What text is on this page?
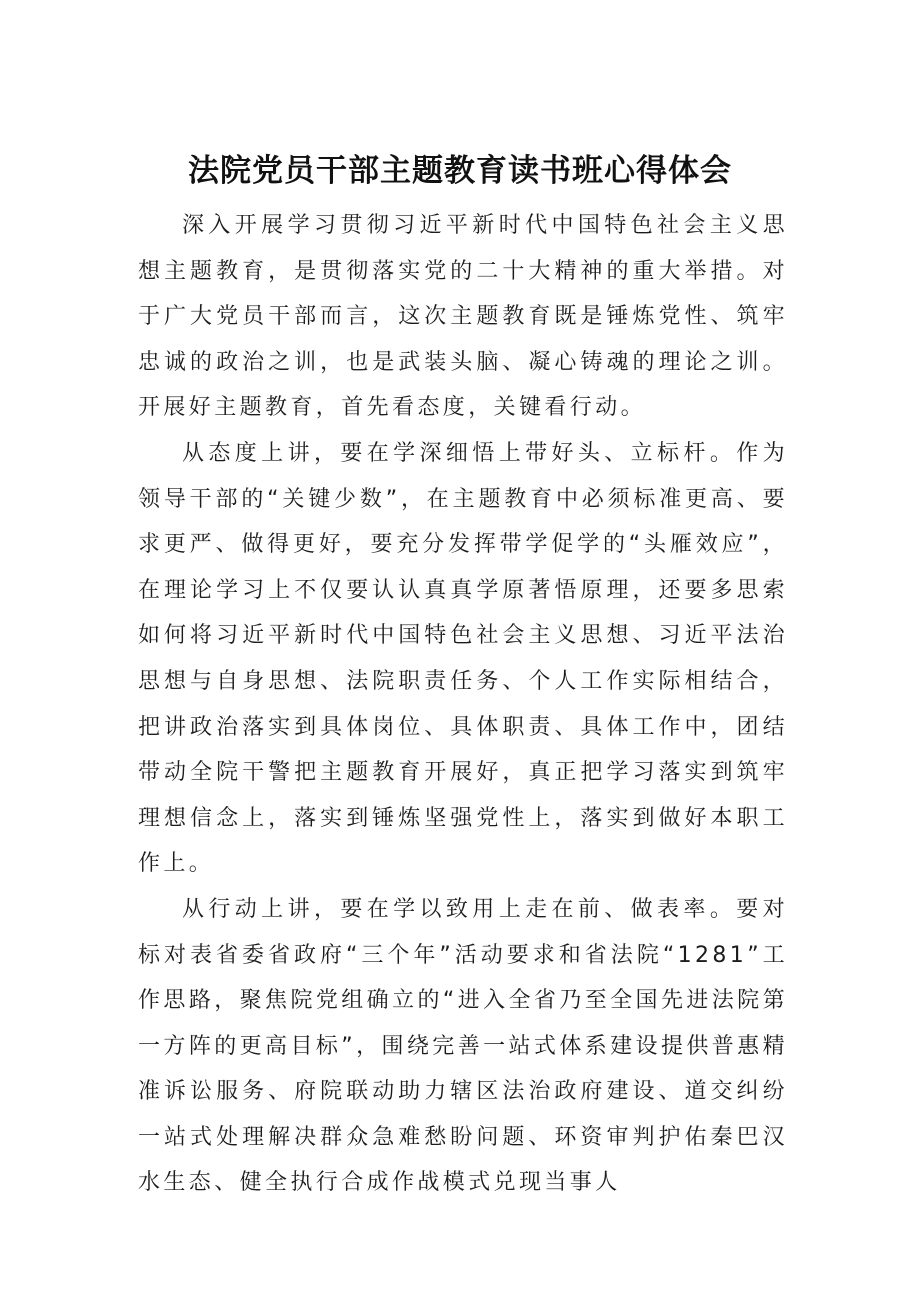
法院党员干部主题教育读书班心得体会

深入开展学习贯彻习近平新时代中国特色社会主义思想主题教育，是贯彻落实党的二十大精神的重大举措。对于广大党员干部而言，这次主题教育既是锤炼党性、筑牢忠诚的政治之训，也是武装头脑、凝心铸魂的理论之训。开展好主题教育，首先看态度，关键看行动。

从态度上讲，要在学深细悟上带好头、立标杆。作为领导干部的“关键少数”，在主题教育中必须标准更高、要求更严、做得更好，要充分发挥带学促学的“头雁效应”，在理论学习上不仅要认认真真学原著悟原理，还要多思索如何将习近平新时代中国特色社会主义思想、习近平法治思想与自身思想、法院职责任务、个人工作实际相结合，把讲政治落实到具体岗位、具体职责、具体工作中，团结带动全院干警把主题教育开展好，真正把学习落实到筑牢理想信念上，落实到锤炼坚强党性上，落实到做好本职工作上。

从行动上讲，要在学以致用上走在前、做表率。要对标对表省委省政府“三个年”活动要求和省法院“1281”工作思路，聚焦院党组确立的“进入全省乃至全国先进法院第一方阵的更高目标”，围绕完善一站式体系建设提供普惠精准诉讼服务、府院联动助力辖区法治政府建设、道交纠纷一站式处理解决群众急难愁盼问题、环资审判护佑秦巴汉水生态、健全执行合成作战模式兑现当事人
